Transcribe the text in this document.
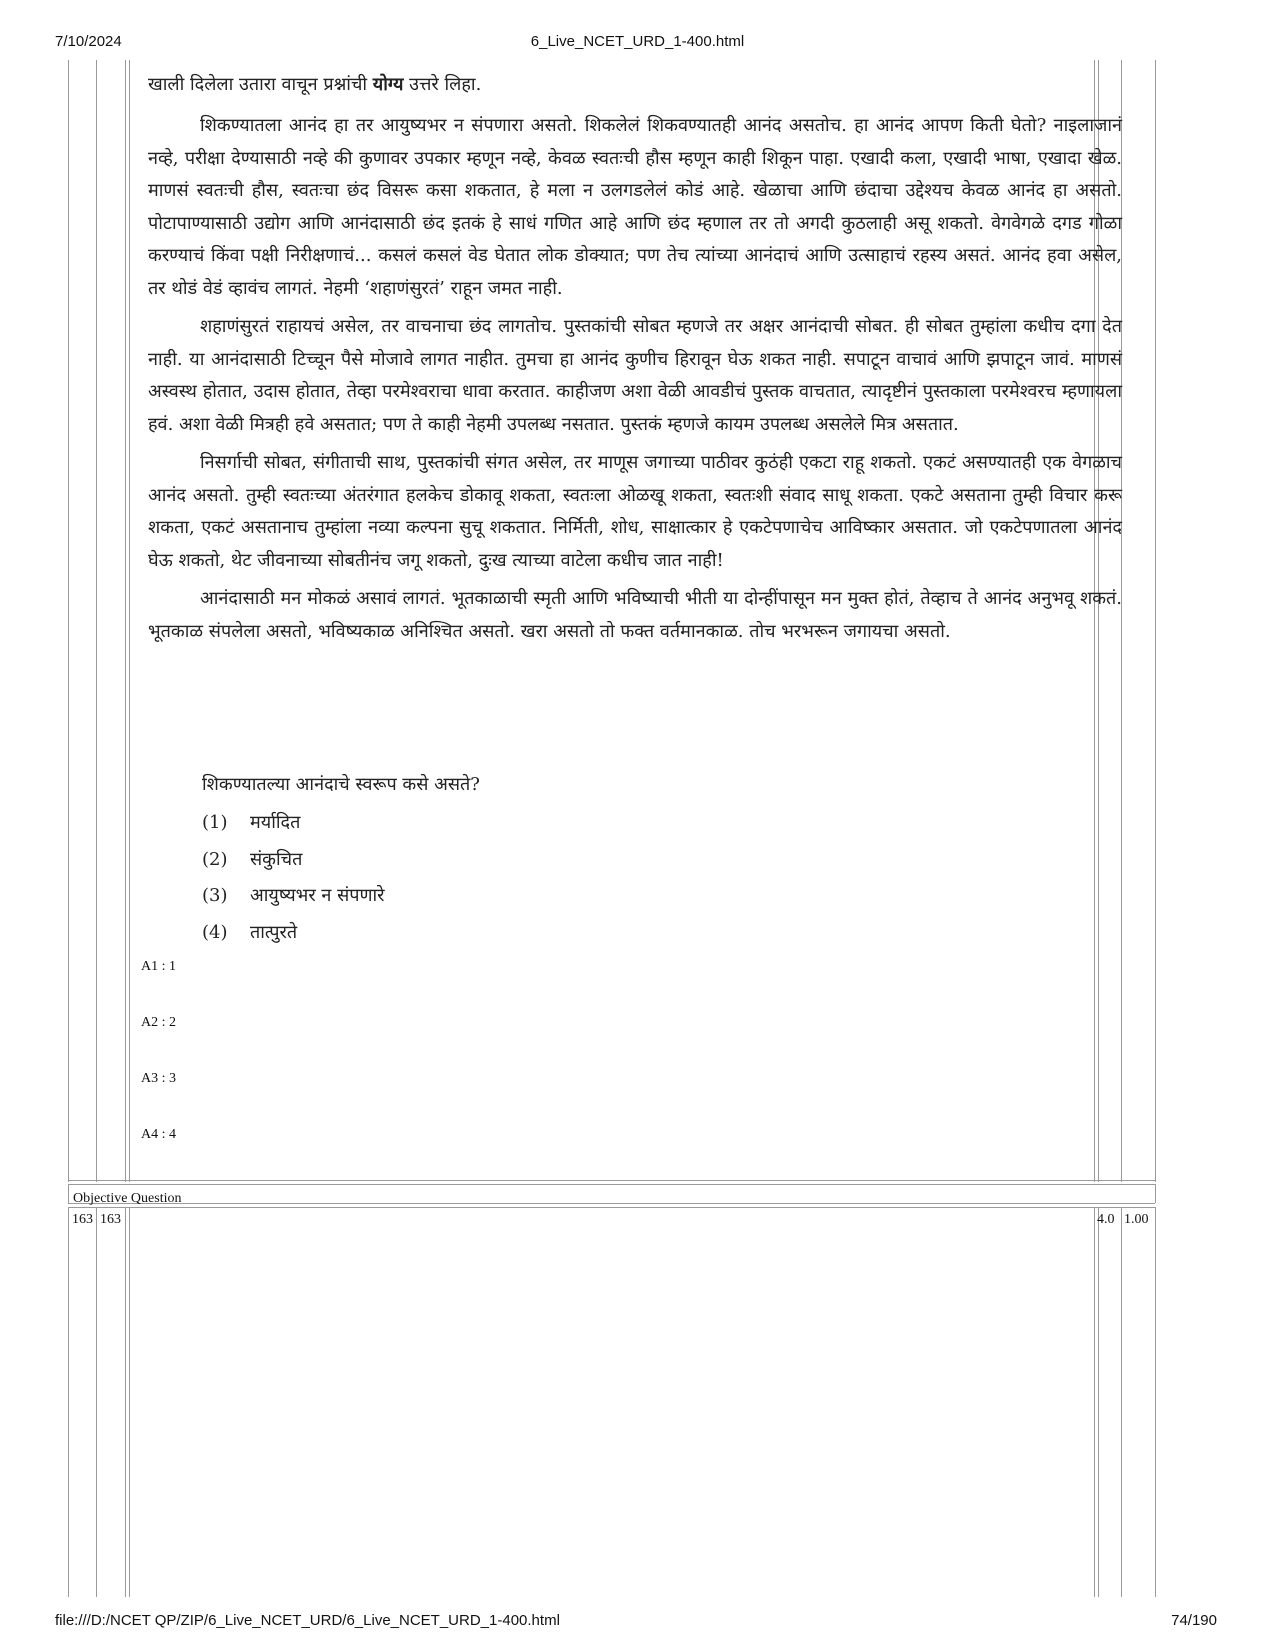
7/10/2024	6_Live_NCET_URD_1-400.html
file:///D:/NCET QP/ZIP/6_Live_NCET_URD/6_Live_NCET_URD_1-400.html	74/190

खाली दिलेला उतारा वाचून प्रश्नांची योग्य उत्तरे लिहा.

शिकण्यातला आनंद हा तर आयुष्यभर न संपणारा असतो. शिकलेलं शिकवण्यातही आनंद असतोच. हा आनंद आपण किती घेतो? नाइलाजानं नव्हे, परीक्षा देण्यासाठी नव्हे की कुणावर उपकार म्हणून नव्हे, केवळ स्वतःची हौस म्हणून काही शिकून पाहा. एखादी कला, एखादी भाषा, एखादा खेळ. माणसं स्वतःची हौस, स्वतःचा छंद विसरू कसा शकतात, हे मला न उलगडलेलं कोडं आहे. खेळाचा आणि छंदाचा उद्देश्यच केवळ आनंद हा असतो. पोटापाण्यासाठी उद्योग आणि आनंदासाठी छंद इतकं हे साधं गणित आहे आणि छंद म्हणाल तर तो अगदी कुठलाही असू शकतो. वेगवेगळे दगड गोळा करण्याचं किंवा पक्षी निरीक्षणाचं... कसलं कसलं वेड घेतात लोक डोक्यात; पण तेच त्यांच्या आनंदाचं आणि उत्साहाचं रहस्य असतं. आनंद हवा असेल, तर थोडं वेडं व्हावंच लागतं. नेहमी ‘शहाणंसुरतं’ राहून जमत नाही.

शहाणंसुरतं राहायचं असेल, तर वाचनाचा छंद लागतोच. पुस्तकांची सोबत म्हणजे तर अक्षर आनंदाची सोबत. ही सोबत तुम्हांला कधीच दगा देत नाही. या आनंदासाठी टिच्चून पैसे मोजावे लागत नाहीत. तुमचा हा आनंद कुणीच हिरावून घेऊ शकत नाही. सपाटून वाचावं आणि झपाटून जावं. माणसं अस्वस्थ होतात, उदास होतात, तेव्हा परमेश्वराचा धावा करतात. काहीजण अशा वेळी आवडीचं पुस्तक वाचतात, त्यादृष्टीनं पुस्तकाला परमेश्वरच म्हणायला हवं. अशा वेळी मित्रही हवे असतात; पण ते काही नेहमी उपलब्ध नसतात. पुस्तकं म्हणजे कायम उपलब्ध असलेले मित्र असतात.

निसर्गाची सोबत, संगीताची साथ, पुस्तकांची संगत असेल, तर माणूस जगाच्या पाठीवर कुठंही एकटा राहू शकतो. एकटं असण्यातही एक वेगळाच आनंद असतो. तुम्ही स्वतःच्या अंतरंगात हलकेच डोकावू शकता, स्वतःला ओळखू शकता, स्वतःशी संवाद साधू शकता. एकटे असताना तुम्ही विचार करू शकता, एकटं असतानाच तुम्हांला नव्या कल्पना सुचू शकतात. निर्मिती, शोध, साक्षात्कार हे एकटेपणाचेच आविष्कार असतात. जो एकटेपणातला आनंद घेऊ शकतो, थेट जीवनाच्या सोबतीनंच जगू शकतो, दुःख त्याच्या वाटेला कधीच जात नाही!

आनंदासाठी मन मोकळं असावं लागतं. भूतकाळाची स्मृती आणि भविष्याची भीती या दोन्हींपासून मन मुक्त होतं, तेव्हाच ते आनंद अनुभवू शकतं. भूतकाळ संपलेला असतो, भविष्यकाळ अनिश्चित असतो. खरा असतो तो फक्त वर्तमानकाळ. तोच भरभरून जगायचा असतो.

शिकण्यातल्या आनंदाचे स्वरूप कसे असते?
(1) मर्यादित
(2) संकुचित
(3) आयुष्यभर न संपणारे
(4) तात्पुरते
A1 : 1
A2 : 2
A3 : 3
A4 : 4
Objective Question
163 163	4.0 1.00
